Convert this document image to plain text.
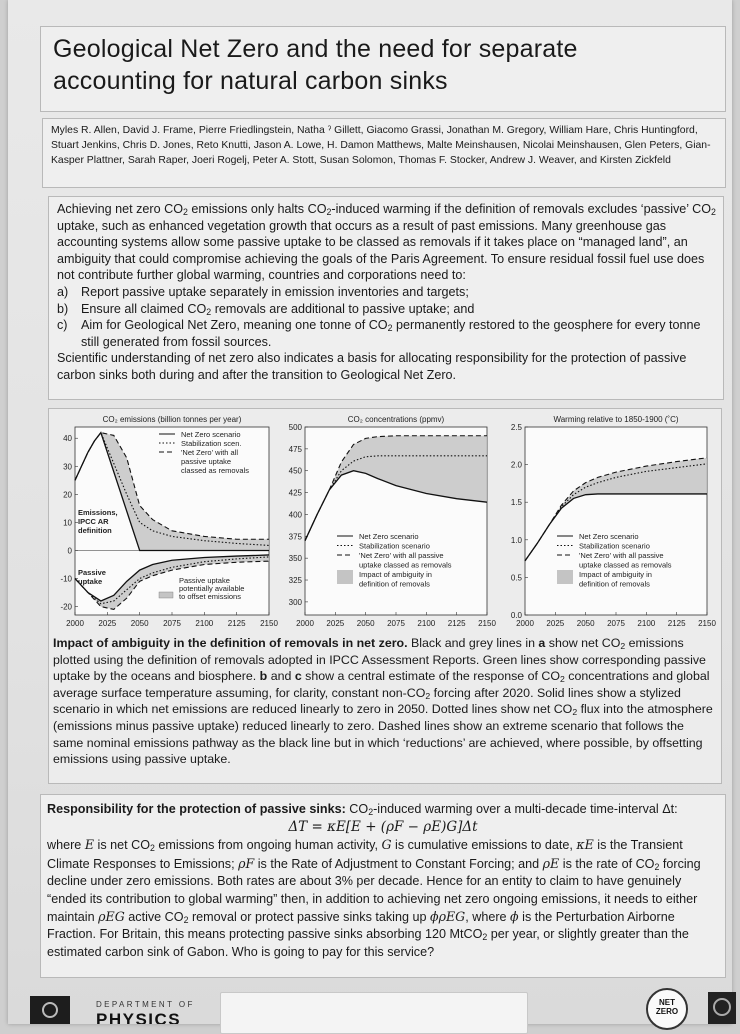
Geological Net Zero and the need for separate
accounting for natural carbon sinks
Myles R. Allen, David J. Frame, Pierre Friedlingstein, Natha ˀ Gillett, Giacomo Grassi, Jonathan M. Gregory, William Hare, Chris Huntingford, Stuart Jenkins, Chris D. Jones, Reto Knutti, Jason A. Lowe, H. Damon Matthews, Malte Meinshausen, Nicolai Meinshausen, Glen Peters, Gian-Kasper Plattner, Sarah Raper, Joeri Rogelj, Peter A. Stott, Susan Solomon, Thomas F. Stocker, Andrew J. Weaver, and Kirsten Zickfeld

Achieving net zero $CO_2$ emissions only halts $CO_2$-induced warming if the definition of removals excludes ‘passive’ $CO_2$ uptake, such as enhanced vegetation growth that occurs as a result of past emissions. Many greenhouse gas accounting systems allow some passive uptake to be classed as removals if it takes place on “managed land”, an ambiguity that could compromise achieving the goals of the Paris Agreement. To ensure residual fossil fuel use does not contribute further global warming, countries and corporations need to:

a)	Report passive uptake separately in emission inventories and targets;
b)	Ensure all claimed $CO_2$ removals are additional to passive uptake; and
c)	Aim for Geological Net Zero, meaning one tonne of $CO_2$ permanently restored to the geosphere for every tonne still generated from fossil sources.

Scientific understanding of net zero also indicates a basis for allocating responsibility for the protection of passive carbon sinks both during and after the transition to Geological Net Zero.

CO₂ emissions (billion tonnes per year)
2000 2025 2050 2075 2100 2125 2150
-20
-10
0
10
20
30
40	Net Zero scenario
Stabilization scen.
'Net Zero' with all
passive uptake
classed as removals
Emissions,
IPCC AR
definition
Passive
uptake	Passive uptake
potentially available
to offset emissions
CO₂ concentrations (ppmv)
2000 2025 2050 2075 2100 2125 2150
300
325
350
375
400
425
450
475
500
Net Zero scenario
Stabilization scenario
'Net Zero' with all passive
uptake classed as removals
Impact of ambiguity in
definition of removals
Warming relative to 1850-1900 (˚C)
2000 2025 2050 2075 2100 2125 2150
0.0
0.5
1.0
1.5
2.0
2.5
Net Zero scenario
Stabilization scenario
'Net Zero' with all passive
uptake classed as removals
Impact of ambiguity in
definition of removals
Impact of ambiguity in the definition of removals in net zero. Black and grey lines in a show net $CO_2$ emissions plotted using the definition of removals adopted in IPCC Assessment Reports. Green lines show corresponding passive uptake by the oceans and biosphere. b and c show a central estimate of the response of $CO_2$ concentrations and global average surface temperature assuming, for clarity, constant non-$CO_2$ forcing after 2020. Solid lines show a stylized scenario in which net emissions are reduced linearly to zero in 2050. Dotted lines show net $CO_2$ flux into the atmosphere (emissions minus passive uptake) reduced linearly to zero. Dashed lines show an extreme scenario that follows the same nominal emissions pathway as the black line but in which ‘reductions’ are achieved, where possible, by offsetting emissions using passive uptake.
Responsibility for the protection of passive sinks: $CO_2$-induced warming over a multi-decade time-interval Δt:
ΔT = κE[E + (ρF − ρE)G]Δt
where E is net $CO_2$ emissions from ongoing human activity, G is cumulative emissions to date, κE is the Transient Climate Responses to Emissions; ρF is the Rate of Adjustment to Constant Forcing; and ρE is the rate of $CO_2$ forcing decline under zero emissions. Both rates are about 3% per decade. Hence for an entity to claim to have genuinely “ended its contribution to global warming” then, in addition to achieving net zero ongoing emissions, it needs to either maintain ρEG active $CO_2$ removal or protect passive sinks taking up ϕρEG, where ϕ is the Perturbation Airborne Fraction. For Britain, this means protecting passive sinks absorbing 120 MtCO$_2$ per year, or slightly greater than the estimated carbon sink of Gabon. Who is going to pay for this service?
DEPARTMENT OF
PHYSICS
NET
ZERO
